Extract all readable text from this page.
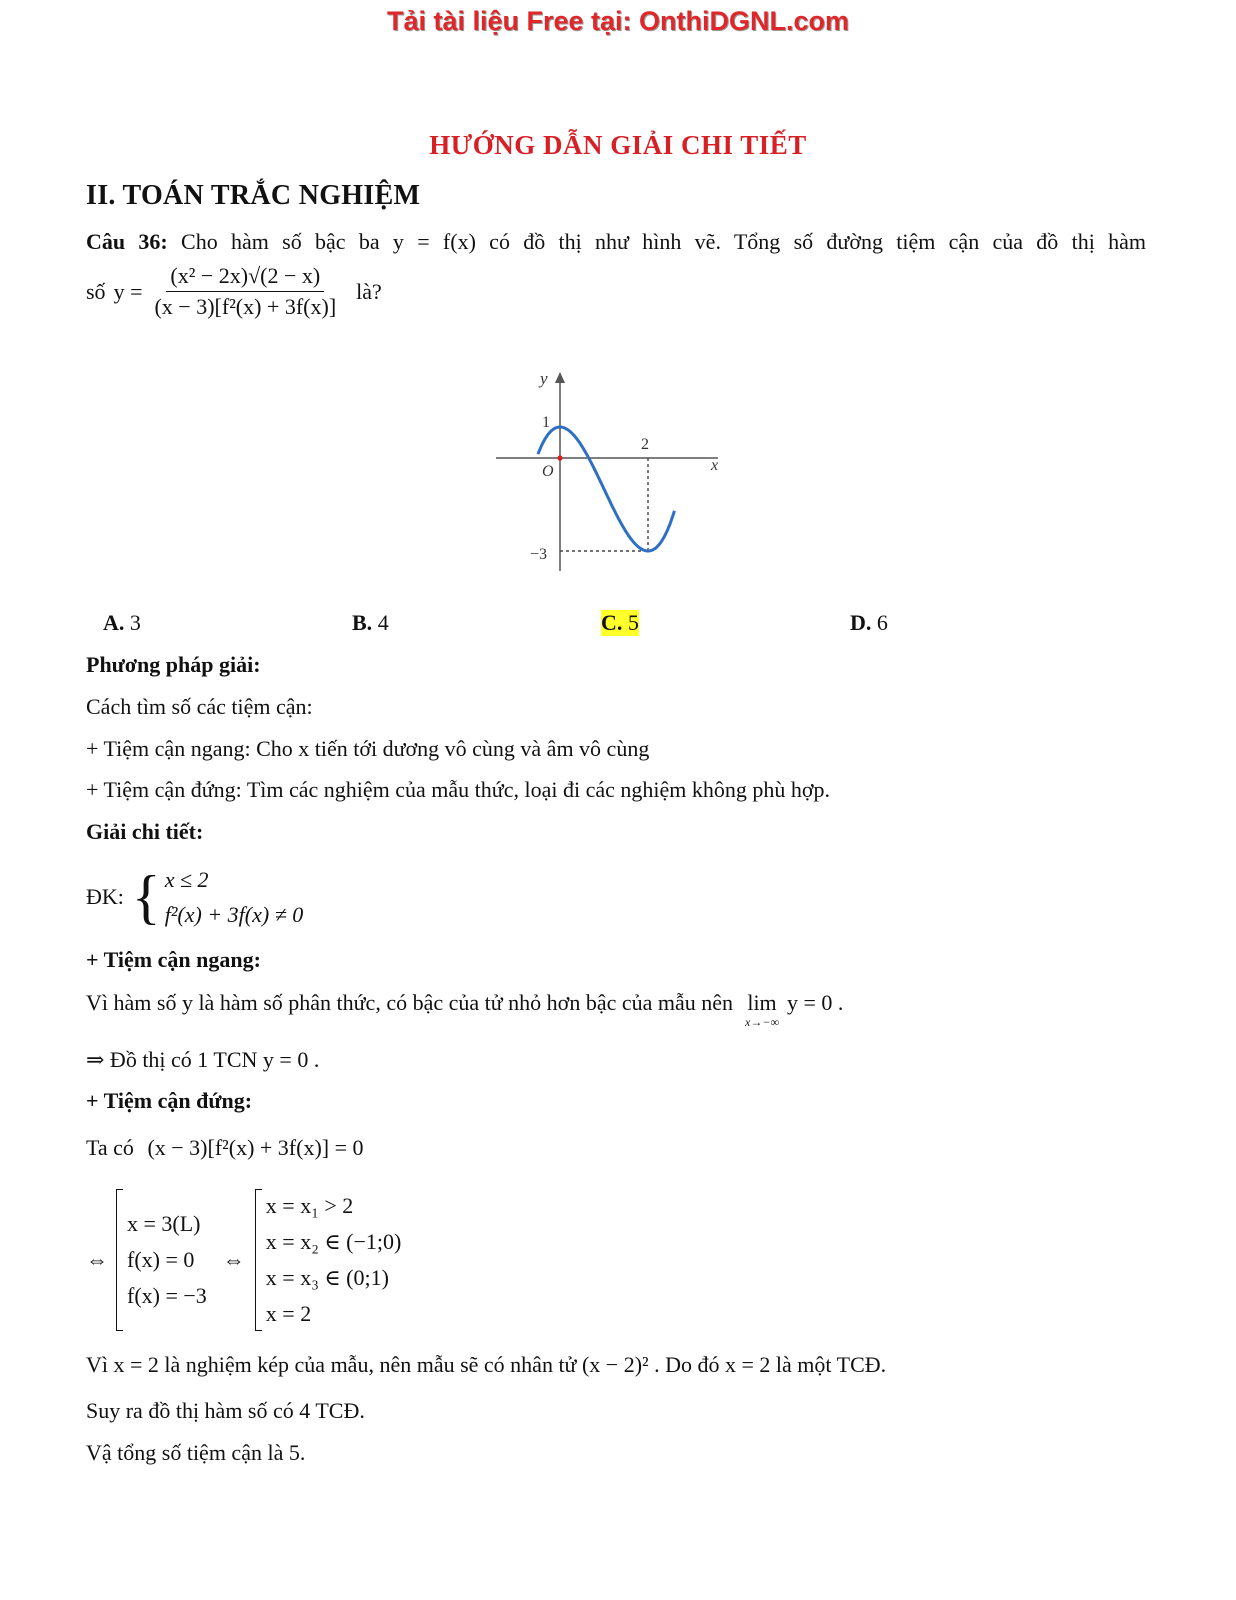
Tải tài liệu Free tại: OnthiDGNL.com
HƯỚNG DẪN GIẢI CHI TIẾT
II. TOÁN TRẮC NGHIỆM
Câu 36: Cho hàm số bậc ba y = f(x) có đồ thị như hình vẽ. Tổng số đường tiệm cận của đồ thị hàm
số $y = \frac{\text{(x² − 2x)√(2 − x)}}{\text{(x − 3)[f²(x) + 3f(x)]}}$ là?
y
x
O
1
2
−3
A. 3	B. 4	C. 5	D. 6
Phương pháp giải:
Cách tìm số các tiệm cận:
+ Tiệm cận ngang: Cho x tiến tới dương vô cùng và âm vô cùng
+ Tiệm cận đứng: Tìm các nghiệm của mẫu thức, loại đi các nghiệm không phù hợp.
Giải chi tiết:
ĐK: { x ≤ 2
f²(x) + 3f(x) ≠ 0
+ Tiệm cận ngang:
Vì hàm số y là hàm số phân thức, có bậc của tử nhỏ hơn bậc của mẫu nên lim
x→−∞
y = 0 .
⇒ Đồ thị có 1 TCN y = 0 .
+ Tiệm cận đứng:
Ta có (x − 3)[f²(x) + 3f(x)] = 0
⇔
x = 3(L)
f(x) = 0
f(x) = −3
⇔
x = x₁ > 2
x = x₂ ∈ (−1;0)
x = x₃ ∈ (0;1)
x = 2
Vì x = 2 là nghiệm kép của mẫu, nên mẫu sẽ có nhân tử (x − 2)² . Do đó x = 2 là một TCĐ.
Suy ra đồ thị hàm số có 4 TCĐ.
Vậ tổng số tiệm cận là 5.
